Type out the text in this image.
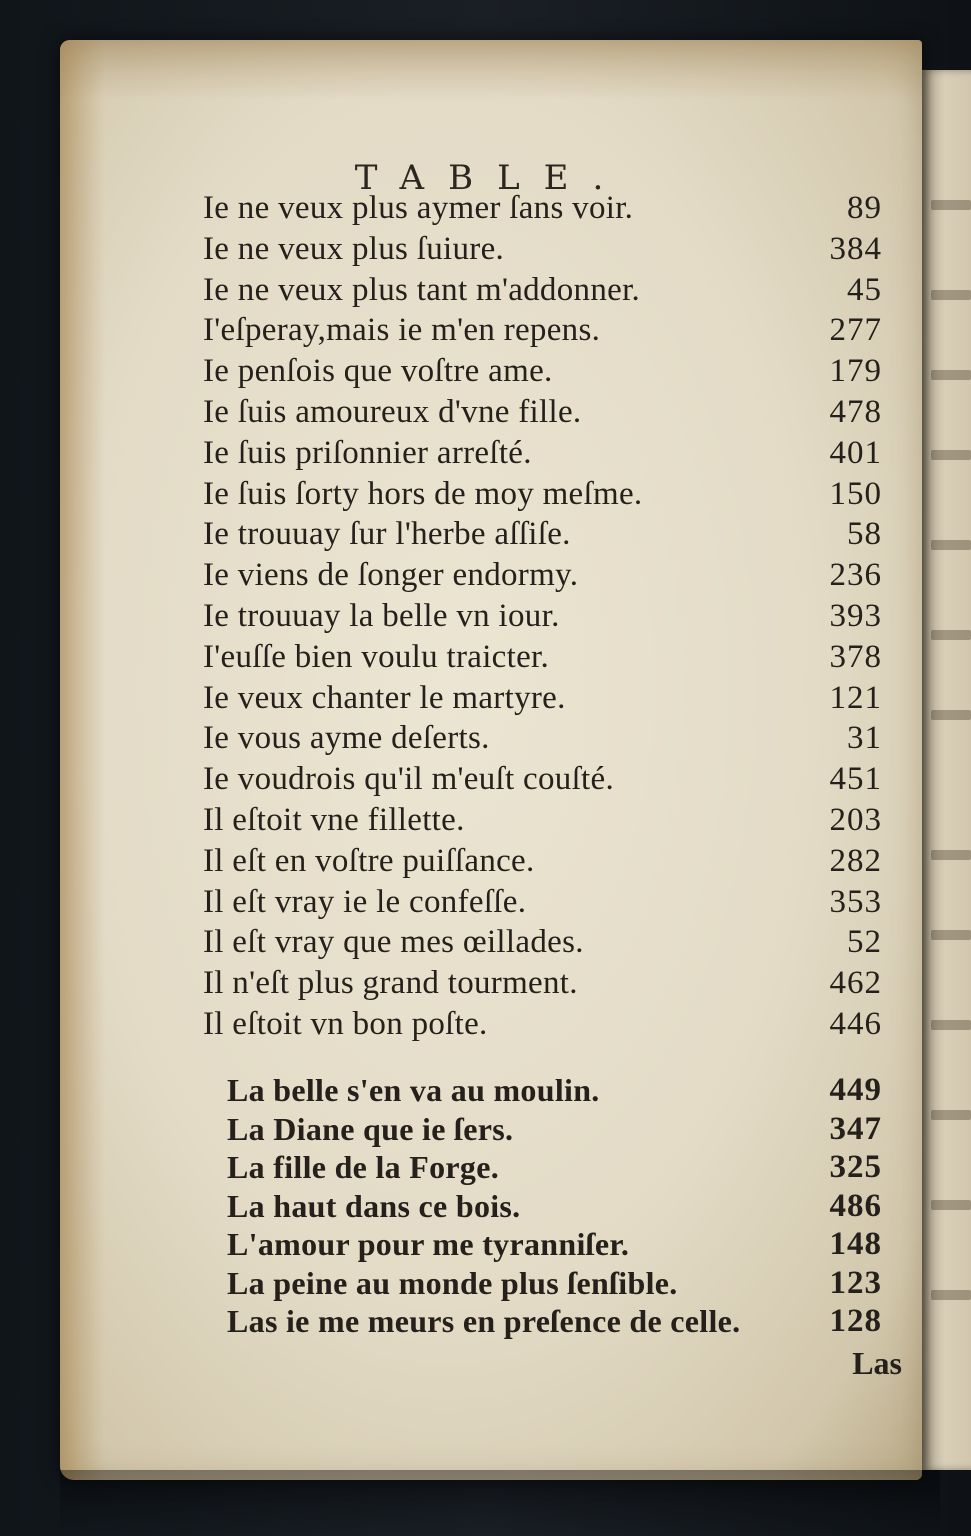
TABLE.
Ie ne veux plus aymer ſans voir.	89
Ie ne veux plus ſuiure.	384
Ie ne veux plus tant m'addonner.	45
I'eſperay,mais ie m'en repens.	277
Ie penſois que voſtre ame.	179
Ie ſuis amoureux d'vne fille.	478
Ie ſuis priſonnier arreſté.	401
Ie ſuis ſorty hors de moy meſme.	150
Ie trouuay ſur l'herbe aſſiſe.	58
Ie viens de ſonger endormy.	236
Ie trouuay la belle vn iour.	393
I'euſſe bien voulu traicter.	378
Ie veux chanter le martyre.	121
Ie vous ayme deſerts.	31
Ie voudrois qu'il m'euſt couſté.	451
Il eſtoit vne fillette.	203
Il eſt en voſtre puiſſance.	282
Il eſt vray ie le confeſſe.	353
Il eſt vray que mes œillades.	52
Il n'eſt plus grand tourment.	462
Il eſtoit vn bon poſte.	446
La belle s'en va au moulin.	449
La Diane que ie ſers.	347
La fille de la Forge.	325
La haut dans ce bois.	486
L'amour pour me tyranniſer.	148
La peine au monde plus ſenſible.	123
Las ie me meurs en preſence de celle.	128
Las
